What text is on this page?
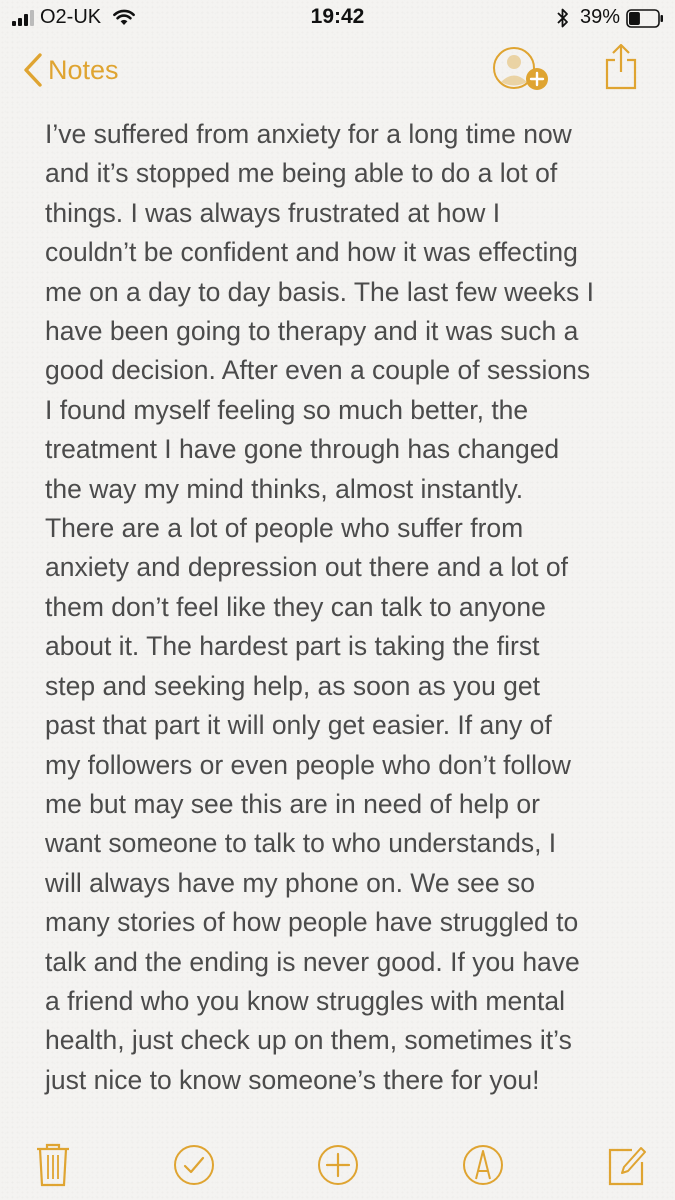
O2-UK	19:42	39%
Notes
I’ve suffered from anxiety for a long time now
and it’s stopped me being able to do a lot of
things. I was always frustrated at how I
couldn’t be confident and how it was effecting
me on a day to day basis. The last few weeks I
have been going to therapy and it was such a
good decision. After even a couple of sessions
I found myself feeling so much better, the
treatment I have gone through has changed
the way my mind thinks, almost instantly.
There are a lot of people who suffer from
anxiety and depression out there and a lot of
them don’t feel like they can talk to anyone
about it. The hardest part is taking the first
step and seeking help, as soon as you get
past that part it will only get easier. If any of
my followers or even people who don’t follow
me but may see this are in need of help or
want someone to talk to who understands, I
will always have my phone on. We see so
many stories of how people have struggled to
talk and the ending is never good. If you have
a friend who you know struggles with mental
health, just check up on them, sometimes it’s
just nice to know someone’s there for you!
